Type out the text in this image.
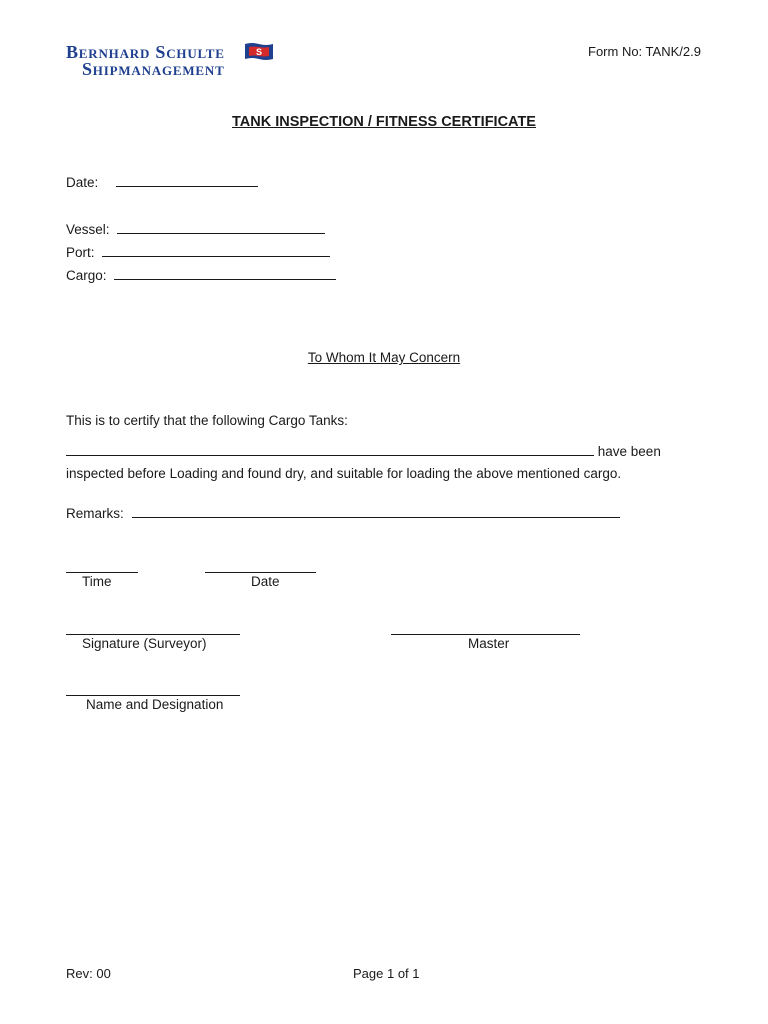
Bernhard Schulte
Shipmanagement
S	Form No: TANK/2.9
TANK INSPECTION / FITNESS CERTIFICATE
Date:
Vessel:
Port:
Cargo:
To Whom It May Concern
This is to certify that the following Cargo Tanks:
have been
inspected before Loading and found dry, and suitable for loading the above mentioned cargo.
Remarks:
Time	Date
Signature (Surveyor)	Master
Name and Designation
Rev: 00	Page 1 of 1
